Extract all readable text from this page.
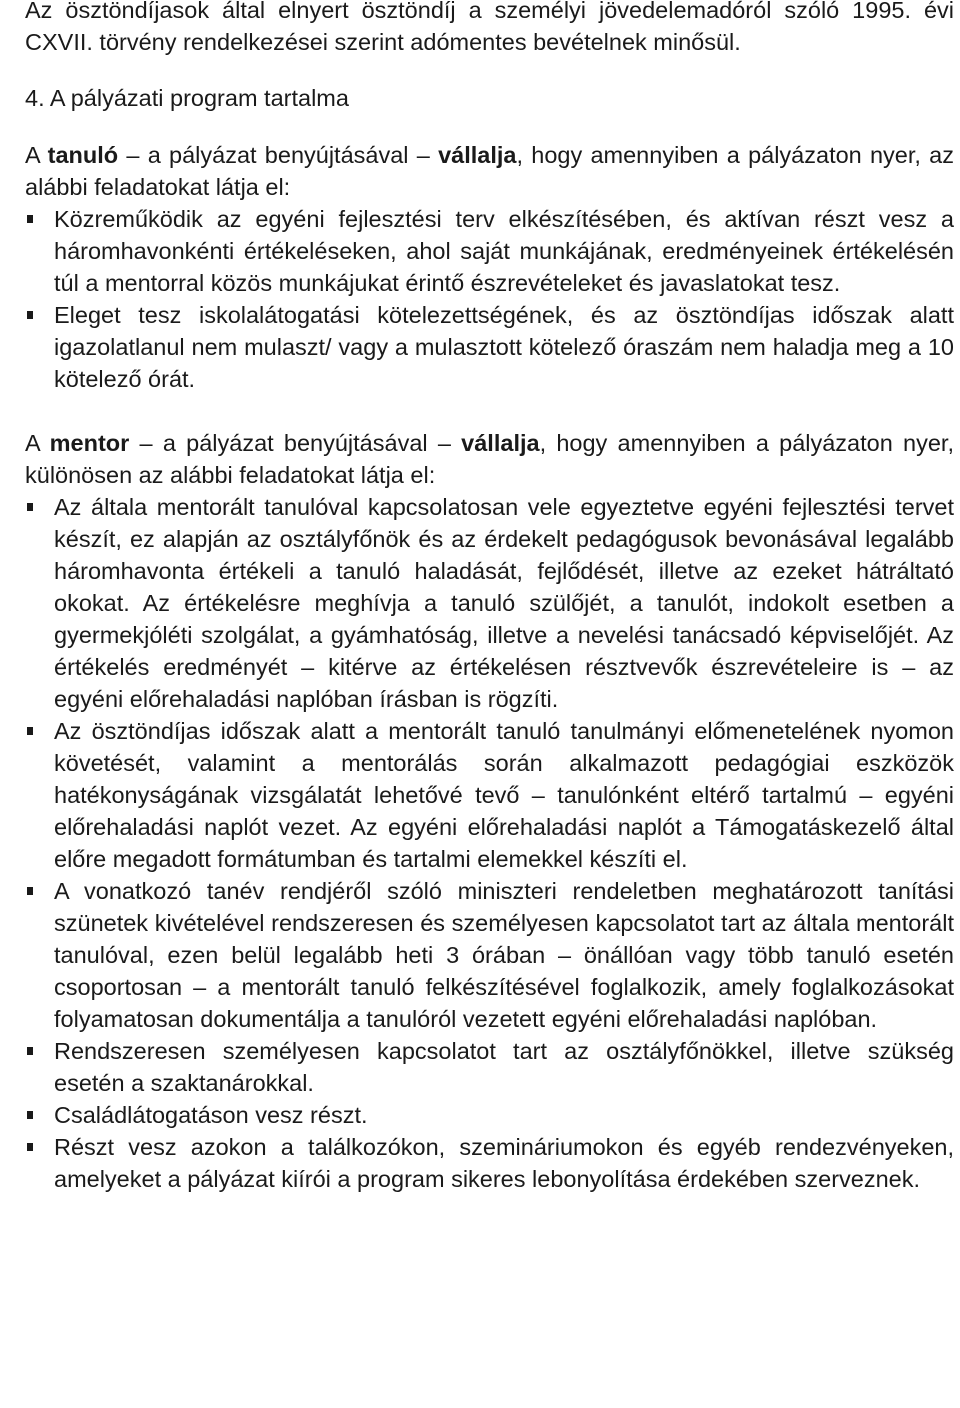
Az ösztöndíjasok által elnyert ösztöndíj a személyi jövedelemadóról szóló 1995. évi CXVII. törvény rendelkezései szerint adómentes bevételnek minősül.

4. A pályázati program tartalma

A tanuló – a pályázat benyújtásával – vállalja, hogy amennyiben a pályázaton nyer, az alábbi feladatokat látja el:

Közreműködik az egyéni fejlesztési terv elkészítésében, és aktívan részt vesz a háromhavonkénti értékeléseken, ahol saját munkájának, eredményeinek értékelésén túl a mentorral közös munkájukat érintő észrevételeket és javaslatokat tesz.
Eleget tesz iskolalátogatási kötelezettségének, és az ösztöndíjas időszak alatt igazolatlanul nem mulaszt/ vagy a mulasztott kötelező óraszám nem haladja meg a 10 kötelező órát.

A mentor – a pályázat benyújtásával – vállalja, hogy amennyiben a pályázaton nyer, különösen az alábbi feladatokat látja el:

Az általa mentorált tanulóval kapcsolatosan vele egyeztetve egyéni fejlesztési tervet készít, ez alapján az osztályfőnök és az érdekelt pedagógusok bevonásával legalább háromhavonta értékeli a tanuló haladását, fejlődését, illetve az ezeket hátráltató okokat. Az értékelésre meghívja a tanuló szülőjét, a tanulót, indokolt esetben a gyermekjóléti szolgálat, a gyámhatóság, illetve a nevelési tanácsadó képviselőjét. Az értékelés eredményét – kitérve az értékelésen résztvevők észrevételeire is – az egyéni előrehaladási naplóban írásban is rögzíti.
Az ösztöndíjas időszak alatt a mentorált tanuló tanulmányi előmenetelének nyomon követését, valamint a mentorálás során alkalmazott pedagógiai eszközök hatékonyságának vizsgálatát lehetővé tevő – tanulónként eltérő tartalmú – egyéni előrehaladási naplót vezet. Az egyéni előrehaladási naplót a Támogatáskezelő által előre megadott formátumban és tartalmi elemekkel készíti el.
A vonatkozó tanév rendjéről szóló miniszteri rendeletben meghatározott tanítási szünetek kivételével rendszeresen és személyesen kapcsolatot tart az általa mentorált tanulóval, ezen belül legalább heti 3 órában – önállóan vagy több tanuló esetén csoportosan – a mentorált tanuló felkészítésével foglalkozik, amely foglalkozásokat folyamatosan dokumentálja a tanulóról vezetett egyéni előrehaladási naplóban.
Rendszeresen személyesen kapcsolatot tart az osztályfőnökkel, illetve szükség esetén a szaktanárokkal.
Családlátogatáson vesz részt.
Részt vesz azokon a találkozókon, szemináriumokon és egyéb rendezvényeken, amelyeket a pályázat kiírói a program sikeres lebonyolítása érdekében szerveznek.
